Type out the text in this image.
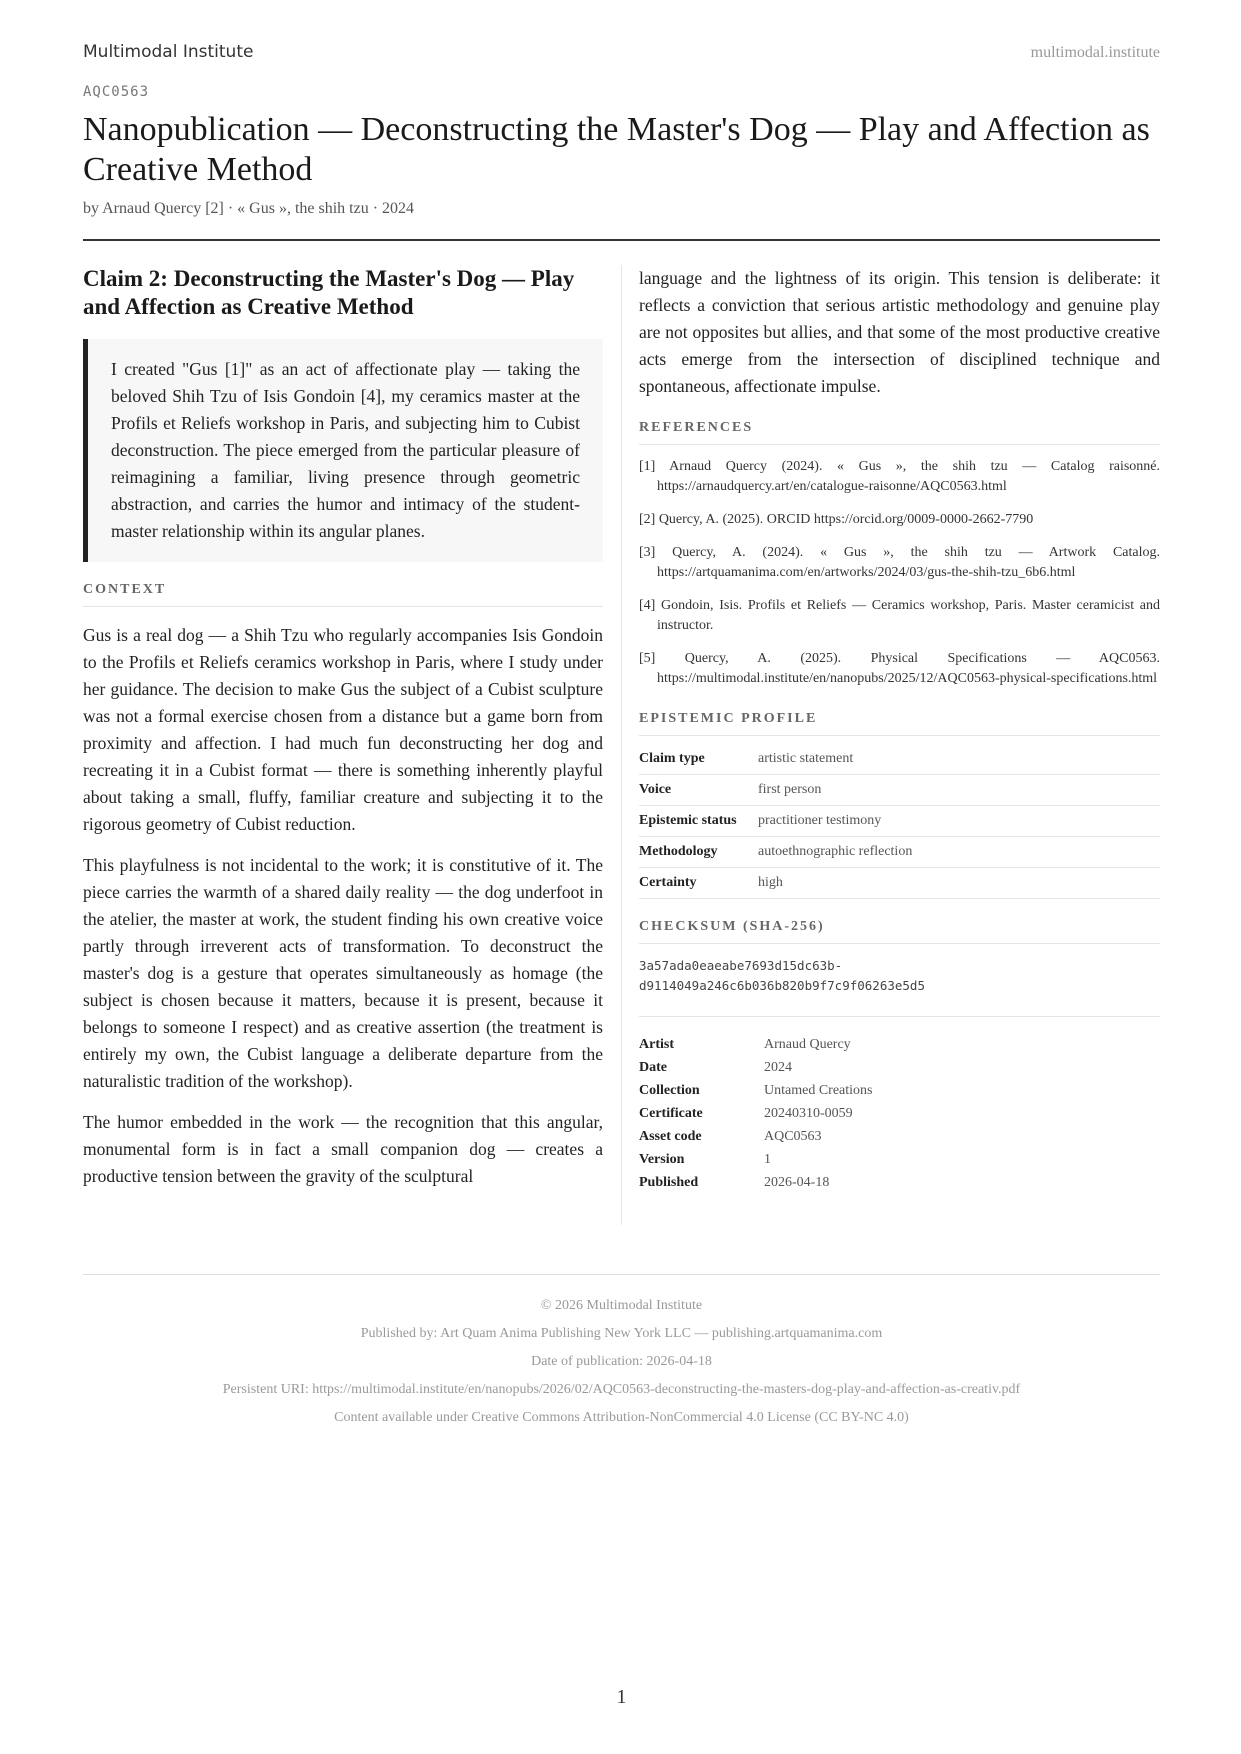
Multimodal Institute	multimodal.institute
AQC0563
Nanopublication — Deconstructing the Master's Dog — Play and Affection as Creative Method
by Arnaud Quercy [2] · « Gus », the shih tzu · 2024
Claim 2: Deconstructing the Master's Dog — Play and Affection as Creative Method
I created "Gus [1]" as an act of affectionate play — taking the beloved Shih Tzu of Isis Gondoin [4], my ceramics master at the Profils et Reliefs workshop in Paris, and subjecting him to Cubist deconstruction. The piece emerged from the particular pleasure of reimagining a familiar, living presence through geometric abstraction, and carries the humor and intimacy of the student-master relationship within its angular planes.
CONTEXT

Gus is a real dog — a Shih Tzu who regularly accompanies Isis Gondoin to the Profils et Reliefs ceramics workshop in Paris, where I study under her guidance. The decision to make Gus the subject of a Cubist sculpture was not a formal exercise chosen from a distance but a game born from proximity and affection. I had much fun deconstructing her dog and recreating it in a Cubist format — there is something inherently playful about taking a small, fluffy, familiar creature and subjecting it to the rigorous geometry of Cubist reduction.

This playfulness is not incidental to the work; it is constitutive of it. The piece carries the warmth of a shared daily reality — the dog underfoot in the atelier, the master at work, the student finding his own creative voice partly through irreverent acts of transformation. To deconstruct the master's dog is a gesture that operates simultaneously as homage (the subject is chosen because it matters, because it is present, because it belongs to someone I respect) and as creative assertion (the treatment is entirely my own, the Cubist language a deliberate departure from the naturalistic tradition of the workshop).

The humor embedded in the work — the recognition that this angular, monumental form is in fact a small companion dog — creates a productive tension between the gravity of the sculptural

language and the lightness of its origin. This tension is deliberate: it reflects a conviction that serious artistic methodology and genuine play are not opposites but allies, and that some of the most productive creative acts emerge from the intersection of disciplined technique and spontaneous, affectionate impulse.

REFERENCES
[1] Arnaud Quercy (2024). « Gus », the shih tzu — Catalog raisonné. https://arnaudquercy.art/en/catalogue-raisonne/AQC0563.html
[2] Quercy, A. (2025). ORCID https://orcid.org/0009-0000-2662-7790
[3] Quercy, A. (2024). « Gus », the shih tzu — Artwork Catalog. https://artquamanima.com/en/artworks/2024/03/gus-the-shih-tzu_6b6.html
[4] Gondoin, Isis. Profils et Reliefs — Ceramics workshop, Paris. Master ceramicist and instructor.
[5] Quercy, A. (2025). Physical Specifications — AQC0563. https://multimodal.institute/en/nanopubs/2025/12/AQC0563-physical-specifications.html
EPISTEMIC PROFILE
Claim type	artistic statement
Voice	first person
Epistemic status	practitioner testimony
Methodology	autoethnographic reflection
Certainty	high
CHECKSUM (SHA-256)
3a57ada0eaeabe7693d15dc63b-
d9114049a246c6b036b820b9f7c9f06263e5d5
Artist	Arnaud Quercy
Date	2024
Collection	Untamed Creations
Certificate	20240310-0059
Asset code	AQC0563
Version	1
Published	2026-04-18
© 2026 Multimodal Institute
Published by: Art Quam Anima Publishing New York LLC — publishing.artquamanima.com
Date of publication: 2026-04-18
Persistent URI: https://multimodal.institute/en/nanopubs/2026/02/AQC0563-deconstructing-the-masters-dog-play-and-affection-as-creativ.pdf
Content available under Creative Commons Attribution-NonCommercial 4.0 License (CC BY-NC 4.0)
1
